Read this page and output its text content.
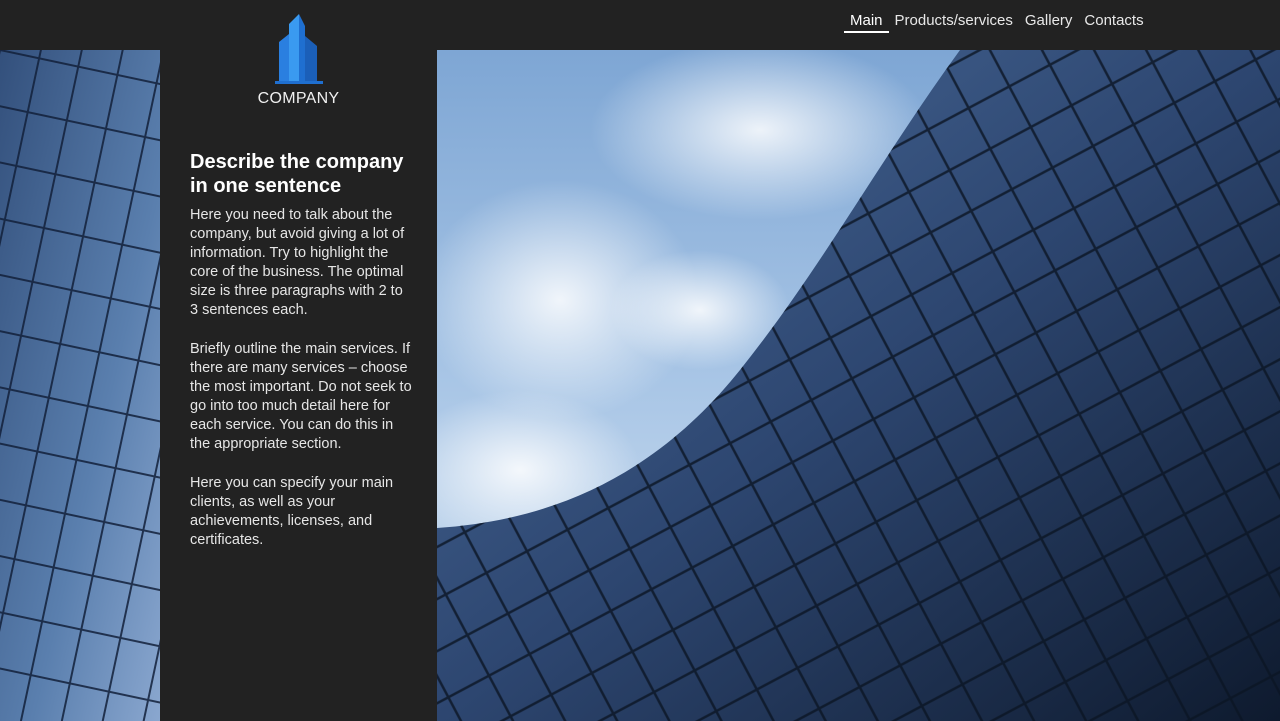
Main Products/services Gallery Contacts
COMPANY
Describe the company in one sentence

Here you need to talk about the company, but avoid giving a lot of information. Try to highlight the core of the business. The optimal size is three paragraphs with 2 to 3 sentences each.

Briefly outline the main services. If there are many services – choose the most important. Do not seek to go into too much detail here for each service. You can do this in the appropriate section.

Here you can specify your main clients, as well as your achievements, licenses, and certificates.
